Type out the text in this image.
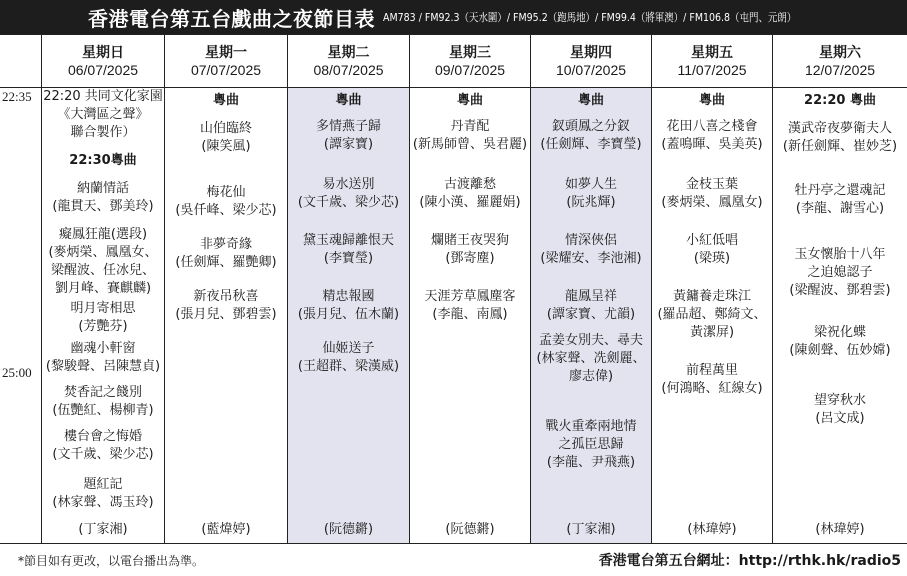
香港電台第五台戲曲之夜節目表 AM783 / FM92.3（天水圍）/ FM95.2（跑馬地）/ FM99.4（將軍澳）/ FM106.8（屯門、元朗）
22:35
25:00
星期日
06/07/2025
22:20 共同文化家園
《大灣區之聲》
聯合製作）
22:30粵曲
納蘭情話
(龍貫天、鄧美玲)
癡鳳狂龍(選段)
(麥炳榮、鳳凰女、
梁醒波、任冰兒、
劉月峰、賽麒麟)
明月寄相思
(芳艷芬)
幽魂小軒窗
(黎駿聲、呂陳慧貞)
焚香記之餞別
(伍艷紅、楊柳青)
樓台會之悔婚
(文千歲、梁少芯)
題紅記
(林家聲、馮玉玲)
(丁家湘)
星期一
07/07/2025
粵曲
山伯臨終
(陳笑風)
梅花仙
(吳仟峰、梁少芯)
非夢奇緣
(任劍輝、羅艷卿)
新夜吊秋喜
(張月兒、鄧碧雲)
(藍煒婷)
星期二
08/07/2025
粵曲
多情燕子歸
(譚家寶)
易水送別
(文千歲、梁少芯)
黛玉魂歸離恨天
(李寶瑩)
精忠報國
(張月兒、伍木蘭)
仙姬送子
(王超群、梁漢威)
(阮德鏘)
星期三
09/07/2025
粵曲
丹青配
(新馬師曾、吳君麗)
古渡離愁
(陳小漢、羅麗娟)
爛賭王夜哭狗
(鄧寄塵)
天涯芳草鳳塵客
(李龍、南鳳)
(阮德鏘)
星期四
10/07/2025
粵曲
釵頭鳳之分釵
(任劍輝、李寶瑩)
如夢人生
(阮兆輝)
情深俠侶
(梁耀安、李池湘)
龍鳳呈祥
(譚家寶、尤韻)
孟姜女別夫、尋夫
(林家聲、冼劍麗、
廖志偉)
戰火重牽兩地情
之孤臣思歸
(李龍、尹飛燕)
(丁家湘)
星期五
11/07/2025
粵曲
花田八喜之棧會
(蓋鳴暉、吳美英)
金枝玉葉
(麥炳榮、鳳凰女)
小紅低唱
(梁瑛)
黃鏞養走珠江
(羅品超、鄭綺文、
黃潔屏)
前程萬里
(何鴻略、紅線女)
(林瑋婷)
星期六
12/07/2025
22:20 粵曲
漢武帝夜夢衛夫人
(新任劍輝、崔妙芝)
牡丹亭之還魂記
(李龍、謝雪心)
玉女懷胎十八年
之迫媳認子
(梁醒波、鄧碧雲)
梁祝化蝶
(陳劍聲、伍妙嫦)
望穿秋水
(呂文成)
(林瑋婷)
*節目如有更改，以電台播出為準。	香港電台第五台網址：http://rthk.hk/radio5
